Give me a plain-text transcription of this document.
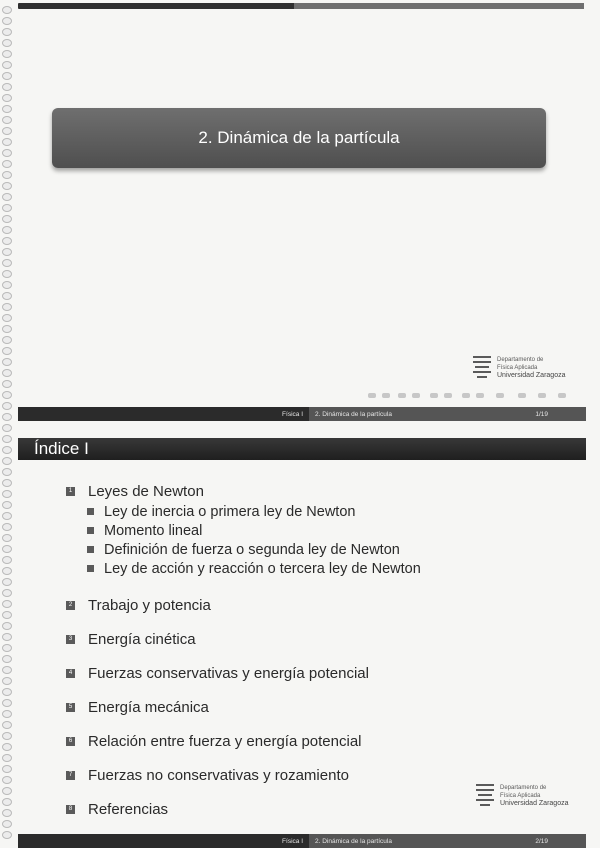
2. Dinámica de la partícula
Departamento de
Física Aplicada
Universidad Zaragoza
Física I	2. Dinámica de la partícula	1/19
Índice I
1 Leyes de Newton
Ley de inercia o primera ley de Newton
Momento lineal
Definición de fuerza o segunda ley de Newton
Ley de acción y reacción o tercera ley de Newton
2 Trabajo y potencia
3 Energía cinética
4 Fuerzas conservativas y energía potencial
5 Energía mecánica
6 Relación entre fuerza y energía potencial
7 Fuerzas no conservativas y rozamiento
8 Referencias
Departamento de
Física Aplicada
Universidad Zaragoza
Física I	2. Dinámica de la partícula	2/19
